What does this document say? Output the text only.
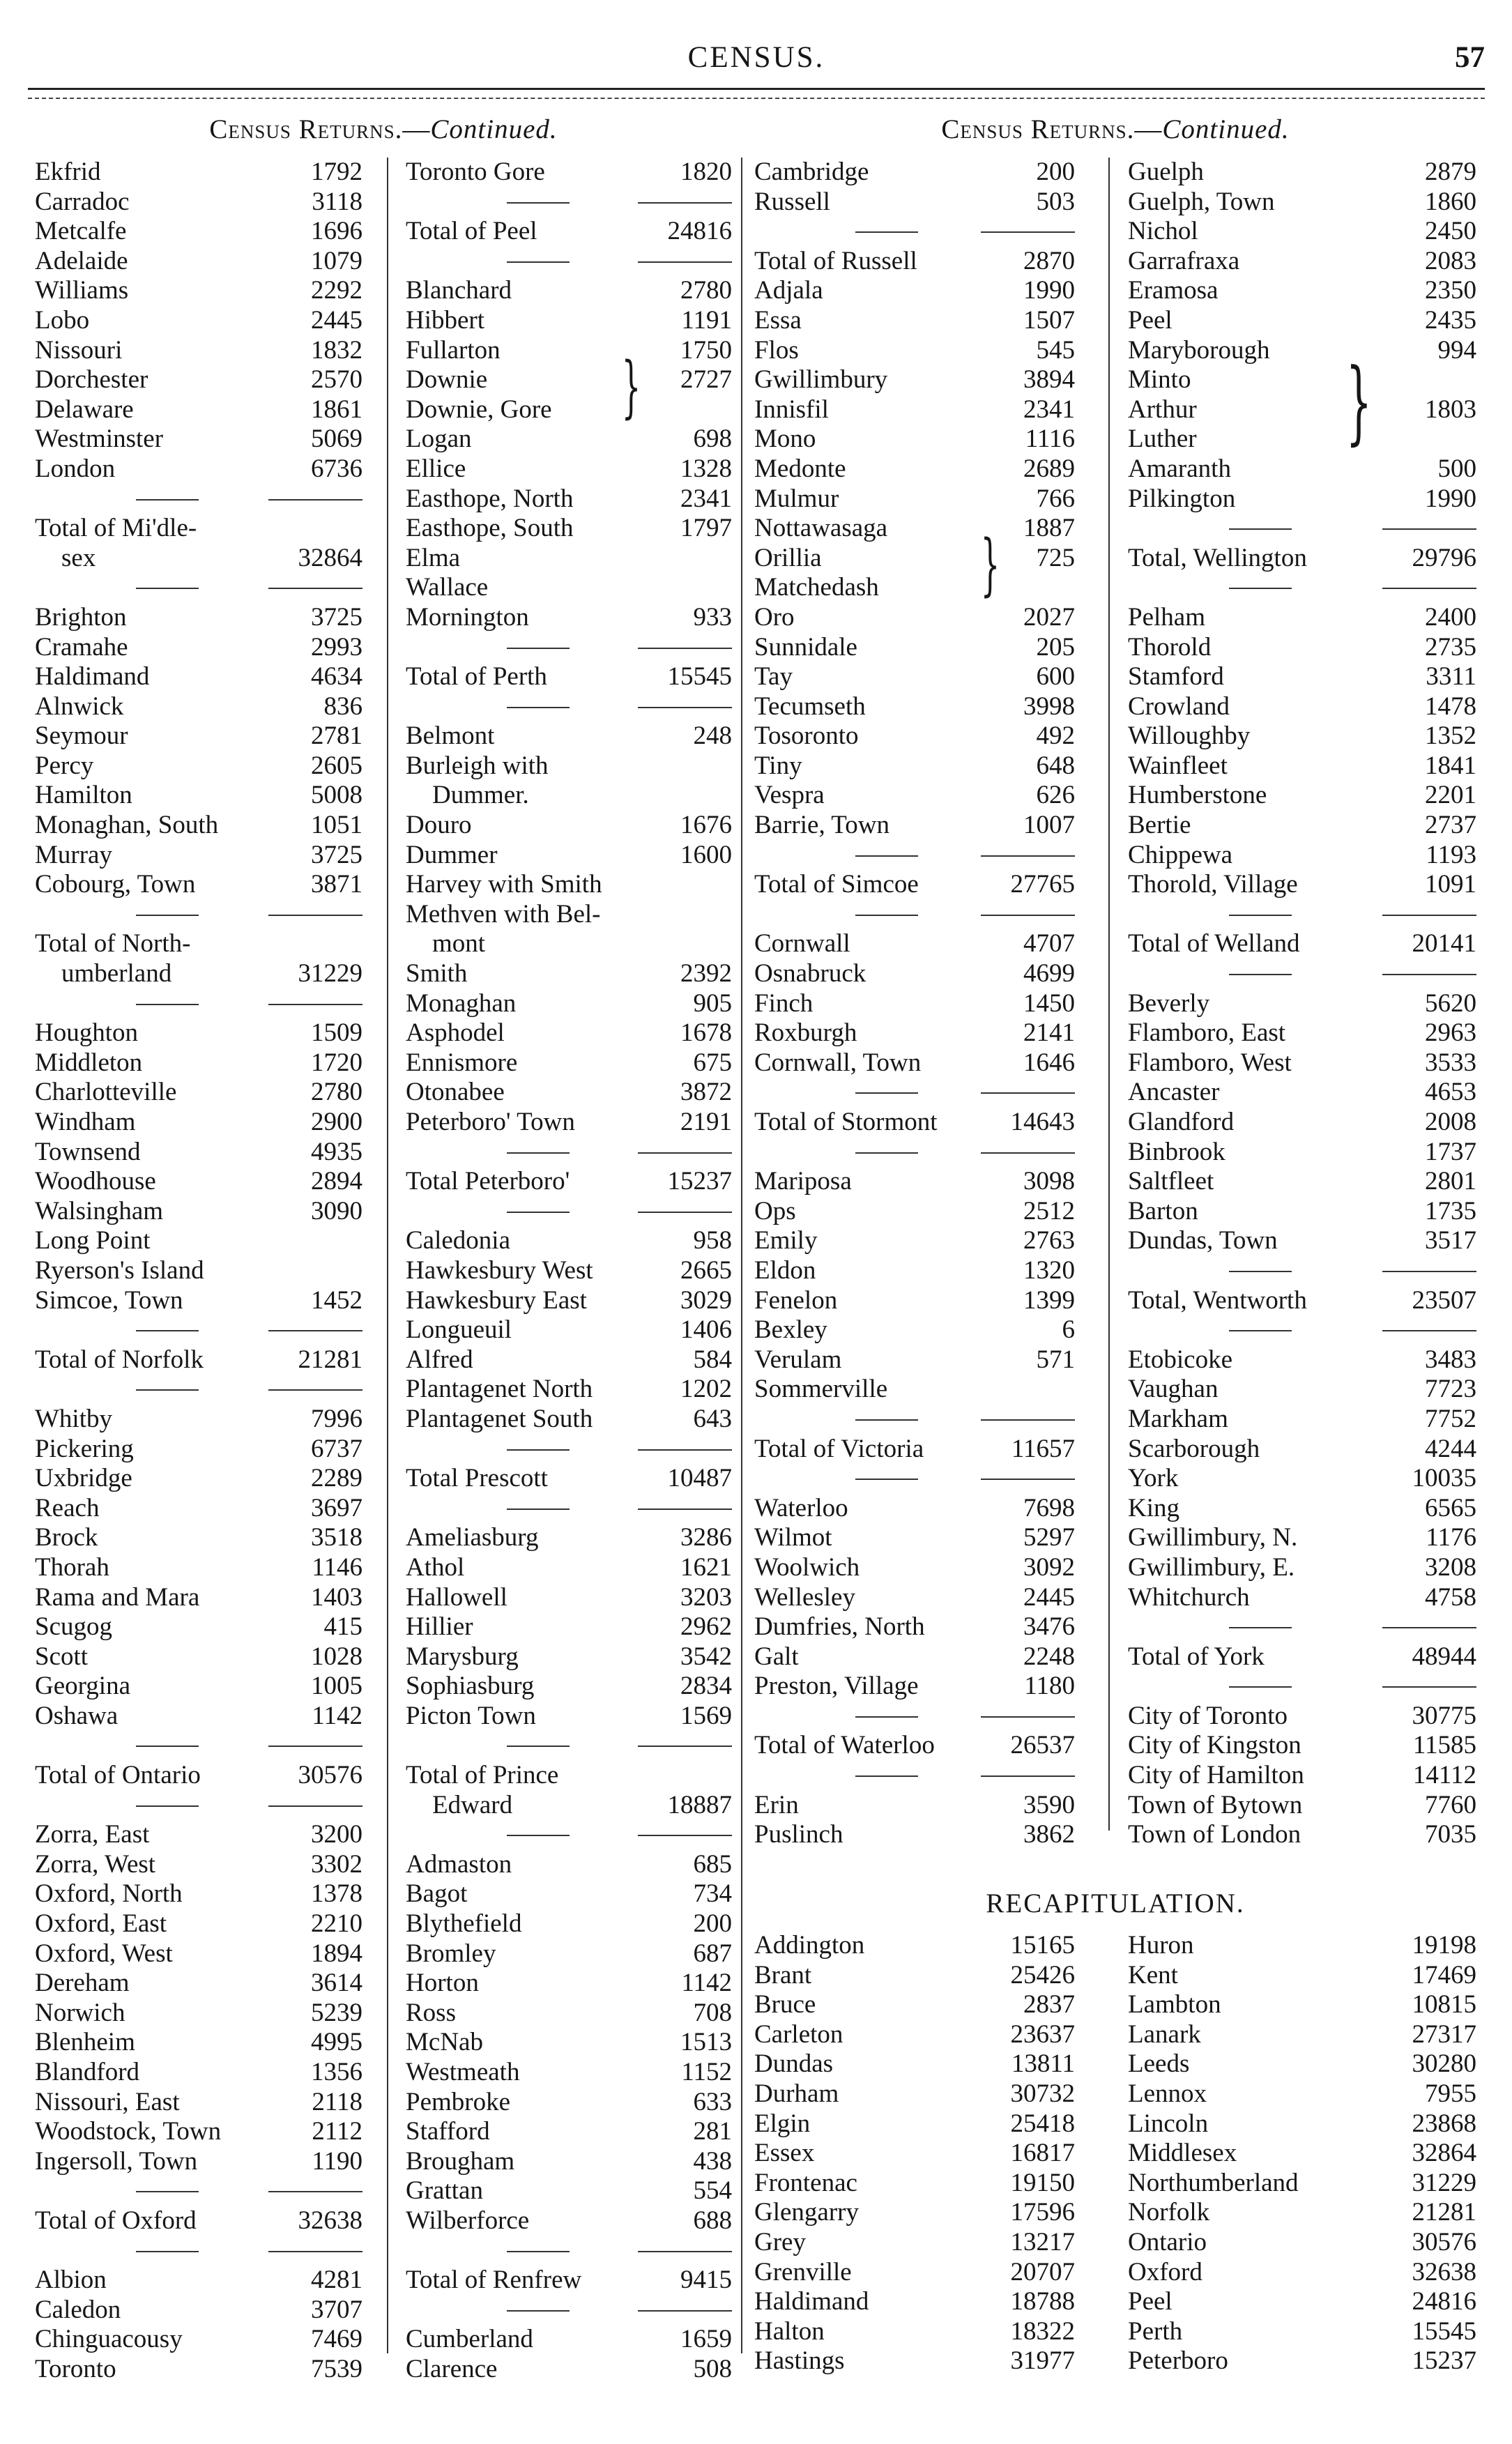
CENSUS.	57
Census Returns.—Continued.	Census Returns.—Continued.
Ekfrid	1792
Carradoc	3118
Metcalfe	1696
Adelaide	1079
Williams	2292
Lobo	2445
Nissouri	1832
Dorchester	2570
Delaware	1861
Westminster	5069
London	6736
Total of Mi'dle-
sex	32864
Brighton	3725
Cramahe	2993
Haldimand	4634
Alnwick	836
Seymour	2781
Percy	2605
Hamilton	5008
Monaghan, South	1051
Murray	3725
Cobourg, Town	3871
Total of North-
umberland	31229
Houghton	1509
Middleton	1720
Charlotteville	2780
Windham	2900
Townsend	4935
Woodhouse	2894
Walsingham	3090
Long Point
Ryerson's Island
Simcoe, Town	1452
Total of Norfolk	21281
Whitby	7996
Pickering	6737
Uxbridge	2289
Reach	3697
Brock	3518
Thorah	1146
Rama and Mara	1403
Scugog	415
Scott	1028
Georgina	1005
Oshawa	1142
Total of Ontario	30576
Zorra, East	3200
Zorra, West	3302
Oxford, North	1378
Oxford, East	2210
Oxford, West	1894
Dereham	3614
Norwich	5239
Blenheim	4995
Blandford	1356
Nissouri, East	2118
Woodstock, Town	2112
Ingersoll, Town	1190
Total of Oxford	32638
Albion	4281
Caledon	3707
Chinguacousy	7469
Toronto	7539
Toronto Gore	1820
Total of Peel	24816
Blanchard	2780
Hibbert	1191
Fullarton	1750
Downie	2727
Downie, Gore
Logan	698
Ellice	1328
Easthope, North	2341
Easthope, South	1797
Elma
Wallace
Mornington	933
Total of Perth	15545
Belmont	248
Burleigh with
Dummer.
Douro	1676
Dummer	1600
Harvey with Smith
Methven with Bel-
mont
Smith	2392
Monaghan	905
Asphodel	1678
Ennismore	675
Otonabee	3872
Peterboro' Town	2191
Total Peterboro'	15237
Caledonia	958
Hawkesbury West	2665
Hawkesbury East	3029
Longueuil	1406
Alfred	584
Plantagenet North	1202
Plantagenet South	643
Total Prescott	10487
Ameliasburg	3286
Athol	1621
Hallowell	3203
Hillier	2962
Marysburg	3542
Sophiasburg	2834
Picton Town	1569
Total of Prince
Edward	18887
Admaston	685
Bagot	734
Blythefield	200
Bromley	687
Horton	1142
Ross	708
McNab	1513
Westmeath	1152
Pembroke	633
Stafford	281
Brougham	438
Grattan	554
Wilberforce	688
Total of Renfrew	9415
Cumberland	1659
Clarence	508
Cambridge	200
Russell	503
Total of Russell	2870
Adjala	1990
Essa	1507
Flos	545
Gwillimbury	3894
Innisfil	2341
Mono	1116
Medonte	2689
Mulmur	766
Nottawasaga	1887
Orillia	725
Matchedash
Oro	2027
Sunnidale	205
Tay	600
Tecumseth	3998
Tosoronto	492
Tiny	648
Vespra	626
Barrie, Town	1007
Total of Simcoe	27765
Cornwall	4707
Osnabruck	4699
Finch	1450
Roxburgh	2141
Cornwall, Town	1646
Total of Stormont	14643
Mariposa	3098
Ops	2512
Emily	2763
Eldon	1320
Fenelon	1399
Bexley	6
Verulam	571
Sommerville
Total of Victoria	11657
Waterloo	7698
Wilmot	5297
Woolwich	3092
Wellesley	2445
Dumfries, North	3476
Galt	2248
Preston, Village	1180
Total of Waterloo	26537
Erin	3590
Puslinch	3862
Guelph	2879
Guelph, Town	1860
Nichol	2450
Garrafraxa	2083
Eramosa	2350
Peel	2435
Maryborough	994
Minto
Arthur	1803
Luther
Amaranth	500
Pilkington	1990
Total, Wellington	29796
Pelham	2400
Thorold	2735
Stamford	3311
Crowland	1478
Willoughby	1352
Wainfleet	1841
Humberstone	2201
Bertie	2737
Chippewa	1193
Thorold, Village	1091
Total of Welland	20141
Beverly	5620
Flamboro, East	2963
Flamboro, West	3533
Ancaster	4653
Glandford	2008
Binbrook	1737
Saltfleet	2801
Barton	1735
Dundas, Town	3517
Total, Wentworth	23507
Etobicoke	3483
Vaughan	7723
Markham	7752
Scarborough	4244
York	10035
King	6565
Gwillimbury, N.	1176
Gwillimbury, E.	3208
Whitchurch	4758
Total of York	48944
City of Toronto	30775
City of Kingston	11585
City of Hamilton	14112
Town of Bytown	7760
Town of London	7035
}
}
}
RECAPITULATION.
Addington	15165
Brant	25426
Bruce	2837
Carleton	23637
Dundas	13811
Durham	30732
Elgin	25418
Essex	16817
Frontenac	19150
Glengarry	17596
Grey	13217
Grenville	20707
Haldimand	18788
Halton	18322
Hastings	31977
Huron	19198
Kent	17469
Lambton	10815
Lanark	27317
Leeds	30280
Lennox	7955
Lincoln	23868
Middlesex	32864
Northumberland	31229
Norfolk	21281
Ontario	30576
Oxford	32638
Peel	24816
Perth	15545
Peterboro	15237
